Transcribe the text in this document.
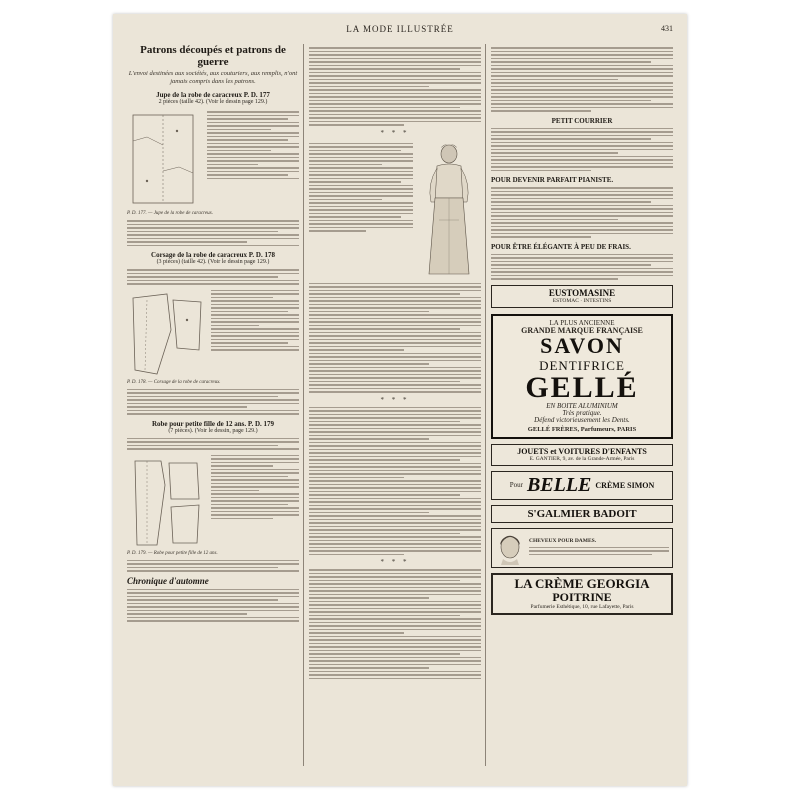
LA MODE ILLUSTRÉE	431
Patrons découpés et patrons de guerre
L'envoi destinées aux sociétés, aux couturiers, aux remplis, n'ont jamais compris dans les patrons.
Jupe de la robe de caracreux P. D. 177
2 pièces (taille 42). (Voir le dessin page 129.)
P. D. 177. — Jupe de la robe de caracreux.
Corsage de la robe de caracreux P. D. 178
(3 pièces) (taille 42). (Voir le dessin page 129.)
P. D. 178. — Corsage de la robe de caracreux.
Robe pour petite fille de 12 ans. P. D. 179
(7 pièces). (Voir le dessin, page 129.)
P. D. 179. — Robe pour petite fille de 12 ans.
Chronique d'automne
* * *
* * *
* * *
PETIT COURRIER
POUR DEVENIR PARFAIT PIANISTE.
POUR ÊTRE ÉLÉGANTE À PEU DE FRAIS.
EUSTOMASINE
ESTOMAC · INTESTINS
LA PLUS ANCIENNE
GRANDE MARQUE FRANÇAISE
SAVON
DENTIFRICE
GELLÉ
EN BOITE ALUMINIUM
Très pratique.
Défend victorieusement les Dents.
GELLÉ FRÈRES, Parfumeurs, PARIS
JOUETS et VOITURES D'ENFANTS
E. GANTIER, 9, av. de la Grande-Armée, Paris
Pour BELLE CRÈME SIMON
S'GALMIER BADOIT
CHEVEUX POUR DAMES.
LA CRÈME GEORGIA
POITRINE
Parfumerie Esthétique, 10, rue Lafayette, Paris
